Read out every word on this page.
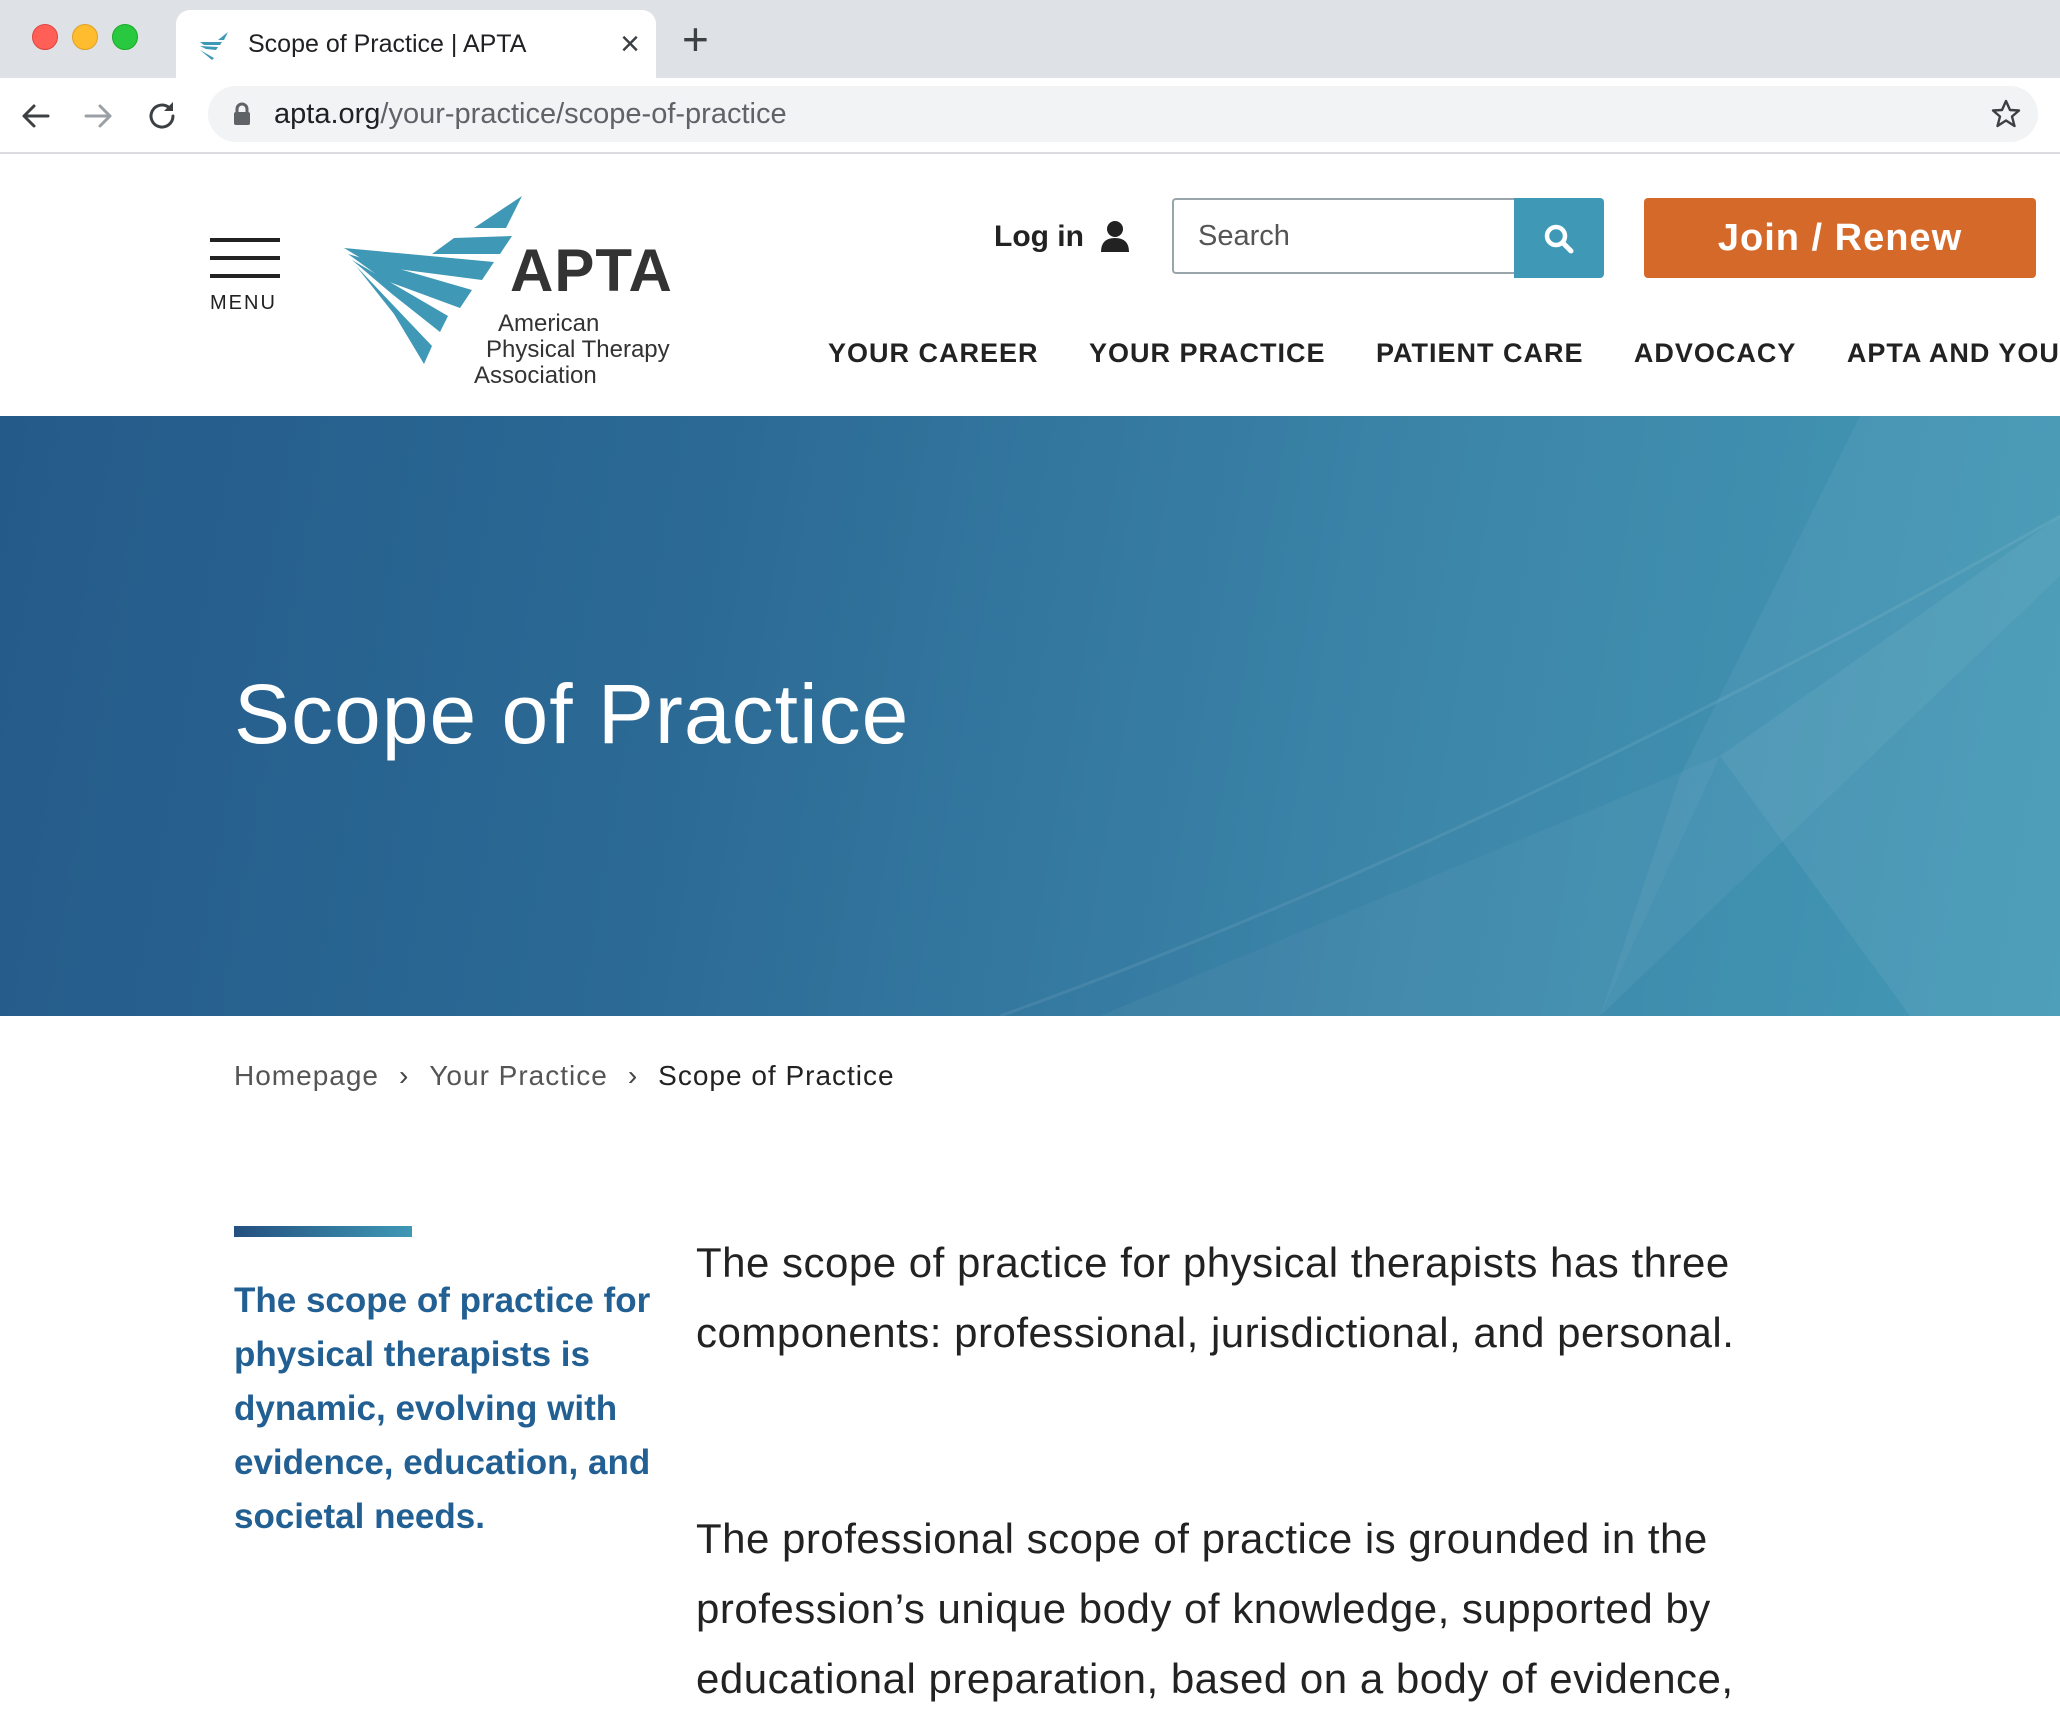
Scope of Practice | APTA	× +
apta.org/your-practice/scope-of-practice
MENU	APTA
American
Physical Therapy
Association
Log in
Search	Join / Renew
YOUR CAREER YOUR PRACTICE PATIENT CARE ADVOCACY APTA AND YOU
Scope of Practice
Homepage › Your Practice › Scope of Practice
The scope of practice for physical therapists is dynamic, evolving with evidence, education, and societal needs.
The scope of practice for physical therapists has three components: professional, jurisdictional, and personal.
The professional scope of practice is grounded in the profession’s unique body of knowledge, supported by educational preparation, based on a body of evidence,
